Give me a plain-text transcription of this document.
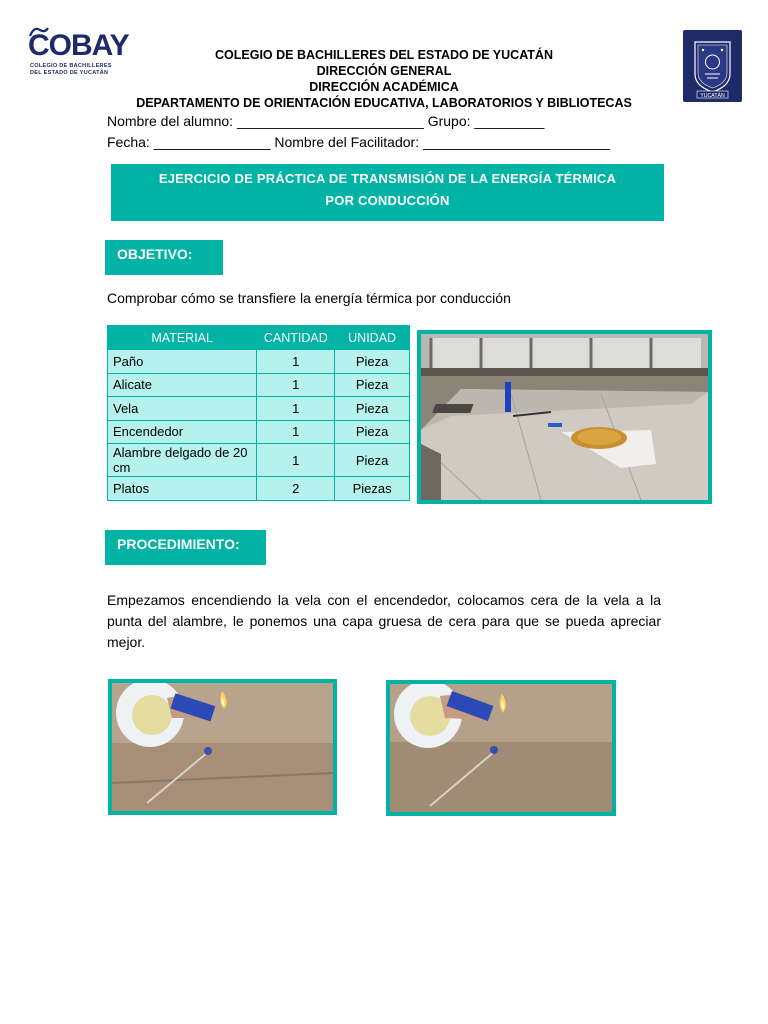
COBAY
COLEGIO DE BACHILLERES
DEL ESTADO DE YUCATÁN
COLEGIO DE BACHILLERES DEL ESTADO DE YUCATÁN
DIRECCIÓN GENERAL
DIRECCIÓN ACADÉMICA
DEPARTAMENTO DE ORIENTACIÓN EDUCATIVA, LABORATORIOS Y BIBLIOTECAS
YUCATÁN
Nombre del alumno: ________________________ Grupo: _________
Fecha: _______________ Nombre del Facilitador: ________________________
EJERCICIO DE PRÁCTICA DE TRANSMISIÓN DE LA ENERGÍA TÉRMICA
POR CONDUCCIÓN
OBJETIVO:
Comprobar cómo se transfiere la energía térmica por conducción
MATERIAL	CANTIDAD	UNIDAD
Paño	1	Pieza
Alicate	1	Pieza
Vela	1	Pieza
Encendedor	1	Pieza
Alambre delgado de 20 cm	1	Pieza
Platos	2	Piezas
PROCEDIMIENTO:
Empezamos encendiendo la vela con el encendedor, colocamos cera de la vela a la punta del alambre, le ponemos una capa gruesa de cera para que se pueda apreciar mejor.
